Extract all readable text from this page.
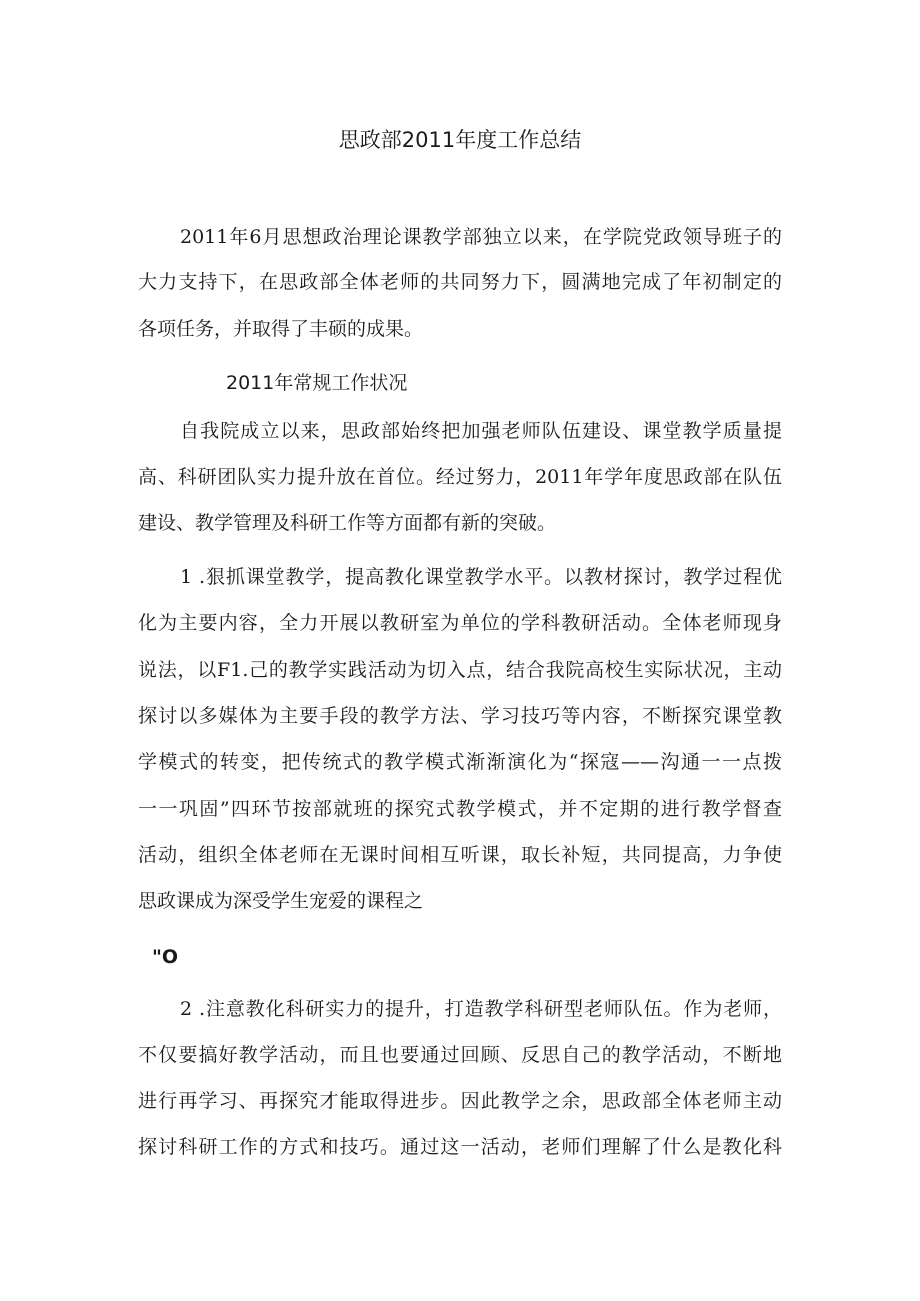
思政部2011年度工作总结
2011年6月思想政治理论课教学部独立以来，在学院党政领导班子的
大力支持下，在思政部全体老师的共同努力下，圆满地完成了年初制定的
各项任务，并取得了丰硕的成果。
2011年常规工作状况
自我院成立以来，思政部始终把加强老师队伍建设、课堂教学质量提
高、科研团队实力提升放在首位。经过努力，2011年学年度思政部在队伍
建设、教学管理及科研工作等方面都有新的突破。
1 .狠抓课堂教学，提高教化课堂教学水平。以教材探讨，教学过程优
化为主要内容，全力开展以教研室为单位的学科教研活动。全体老师现身
说法，以F1.己的教学实践活动为切入点，结合我院高校生实际状况，主动
探讨以多媒体为主要手段的教学方法、学习技巧等内容，不断探究课堂教
学模式的转变，把传统式的教学模式渐渐演化为“探寇——沟通一一点拨
一一巩固”四环节按部就班的探究式教学模式，并不定期的进行教学督查
活动，组织全体老师在无课时间相互听课，取长补短，共同提高，力争使
思政课成为深受学生宠爱的课程之
"O
2 .注意教化科研实力的提升，打造教学科研型老师队伍。作为老师，
不仅要搞好教学活动，而且也要通过回顾、反思自己的教学活动，不断地
进行再学习、再探究才能取得进步。因此教学之余，思政部全体老师主动
探讨科研工作的方式和技巧。通过这一活动，老师们理解了什么是教化科
